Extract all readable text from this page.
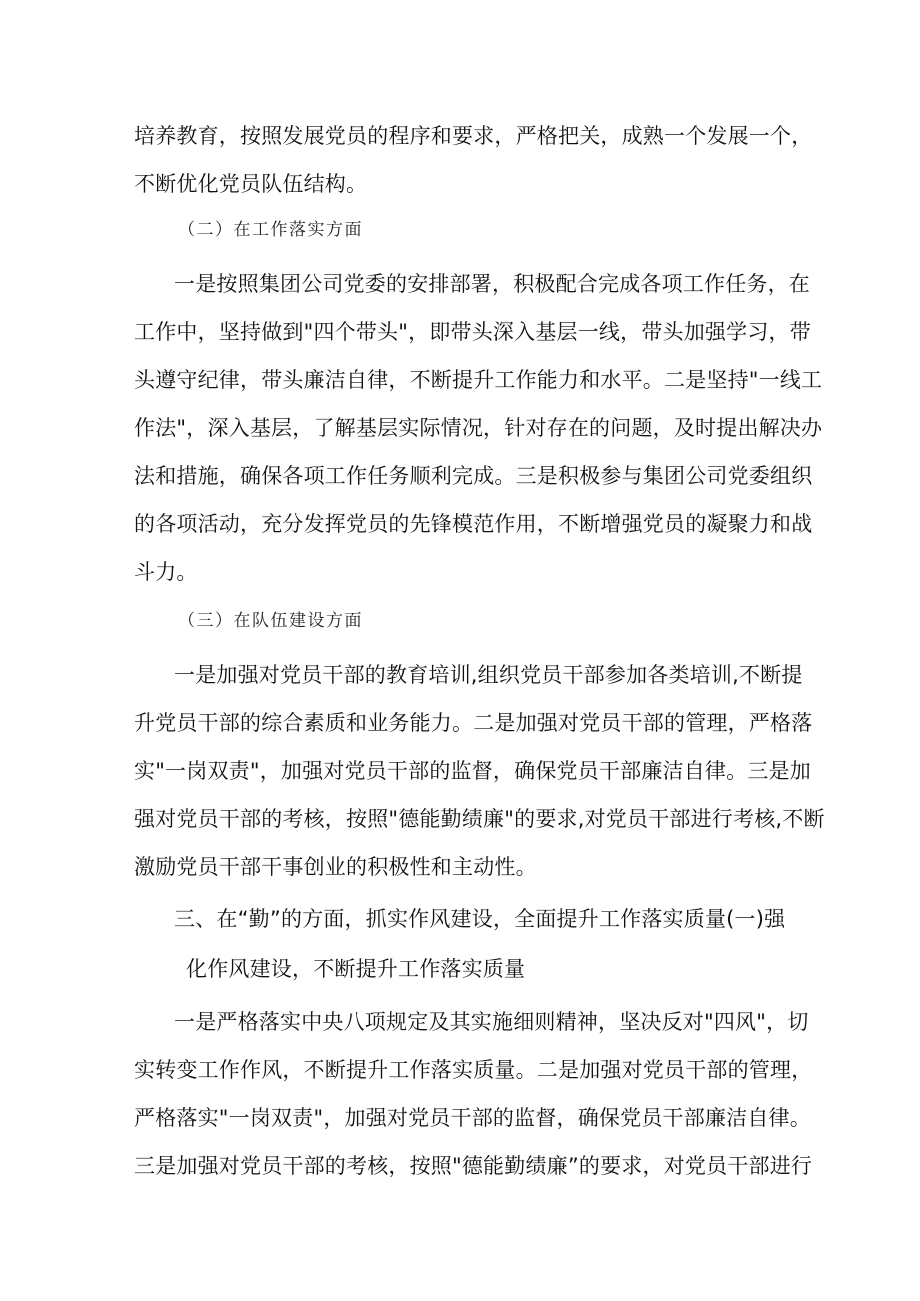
培养教育，按照发展党员的程序和要求，严格把关，成熟一个发展一个，
不断优化党员队伍结构。
（二）在工作落实方面
一是按照集团公司党委的安排部署，积极配合完成各项工作任务，在
工作中，坚持做到"四个带头"，即带头深入基层一线，带头加强学习，带
头遵守纪律，带头廉洁自律，不断提升工作能力和水平。二是坚持"一线工
作法"，深入基层，了解基层实际情况，针对存在的问题，及时提出解决办
法和措施，确保各项工作任务顺利完成。三是积极参与集团公司党委组织
的各项活动，充分发挥党员的先锋模范作用，不断增强党员的凝聚力和战
斗力。
（三）在队伍建设方面
一是加强对党员干部的教育培训,组织党员干部参加各类培训,不断提
升党员干部的综合素质和业务能力。二是加强对党员干部的管理，严格落
实"一岗双责"，加强对党员干部的监督，确保党员干部廉洁自律。三是加
强对党员干部的考核，按照"德能勤绩廉"的要求,对党员干部进行考核,不断
激励党员干部干事创业的积极性和主动性。
三、在“勤”的方面，抓实作风建设，全面提升工作落实质量(一)强
化作风建设，不断提升工作落实质量
一是严格落实中央八项规定及其实施细则精神，坚决反对"四风"，切
实转变工作作风，不断提升工作落实质量。二是加强对党员干部的管理，
严格落实"一岗双责"，加强对党员干部的监督，确保党员干部廉洁自律。
三是加强对党员干部的考核，按照"德能勤绩廉”的要求，对党员干部进行
